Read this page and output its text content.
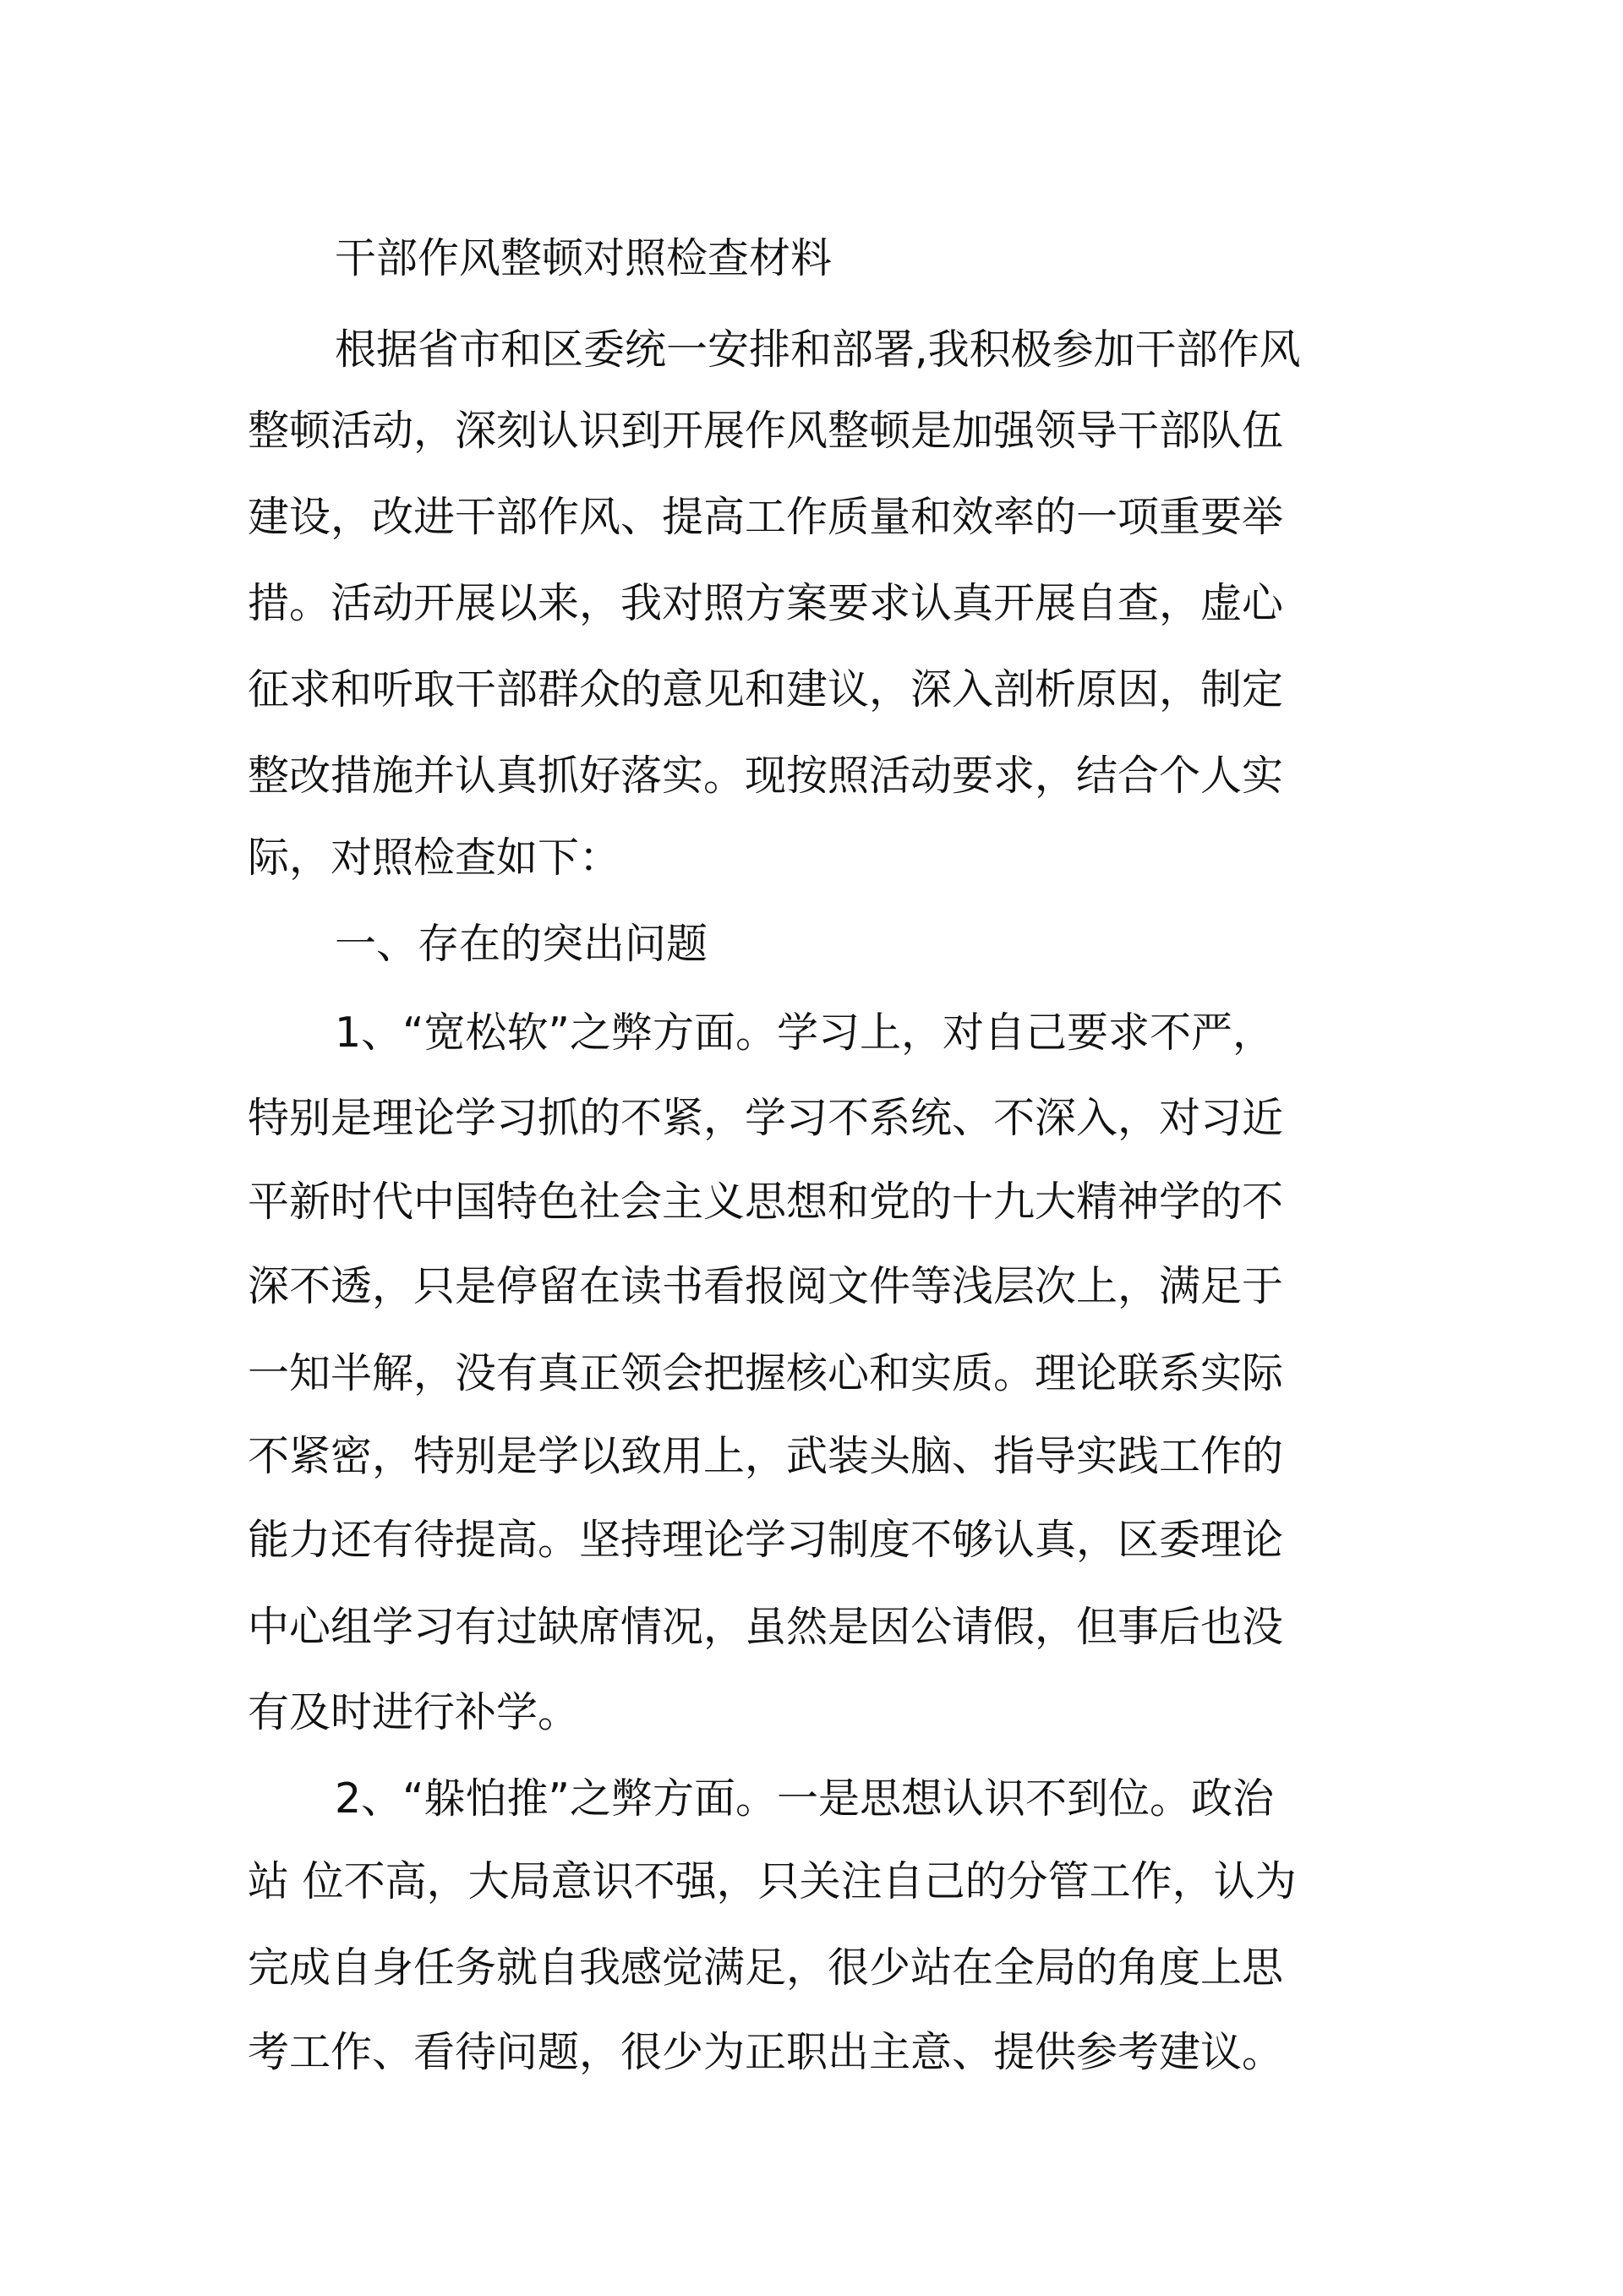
干部作风整顿对照检查材料

根据省市和区委统一安排和部署,我积极参加干部作风

整顿活动，深刻认识到开展作风整顿是加强领导干部队伍

建设，改进干部作风、提高工作质量和效率的一项重要举

措。活动开展以来，我对照方案要求认真开展自查，虚心

征求和听取干部群众的意见和建议，深入剖析原因，制定

整改措施并认真抓好落实。现按照活动要求，结合个人实

际，对照检查如下：

一、存在的突出问题

1、“宽松软”之弊方面。学习上，对自己要求不严，

特别是理论学习抓的不紧，学习不系统、不深入，对习近

平新时代中国特色社会主义思想和党的十九大精神学的不

深不透，只是停留在读书看报阅文件等浅层次上，满足于

一知半解，没有真正领会把握核心和实质。理论联系实际

不紧密，特别是学以致用上，武装头脑、指导实践工作的

能力还有待提高。坚持理论学习制度不够认真，区委理论

中心组学习有过缺席情况，虽然是因公请假，但事后也没

有及时进行补学。

2、“躲怕推”之弊方面。一是思想认识不到位。政治

站 位不高，大局意识不强，只关注自己的分管工作，认为

完成自身任务就自我感觉满足，很少站在全局的角度上思

考工作、看待问题，很少为正职出主意、提供参考建议。
